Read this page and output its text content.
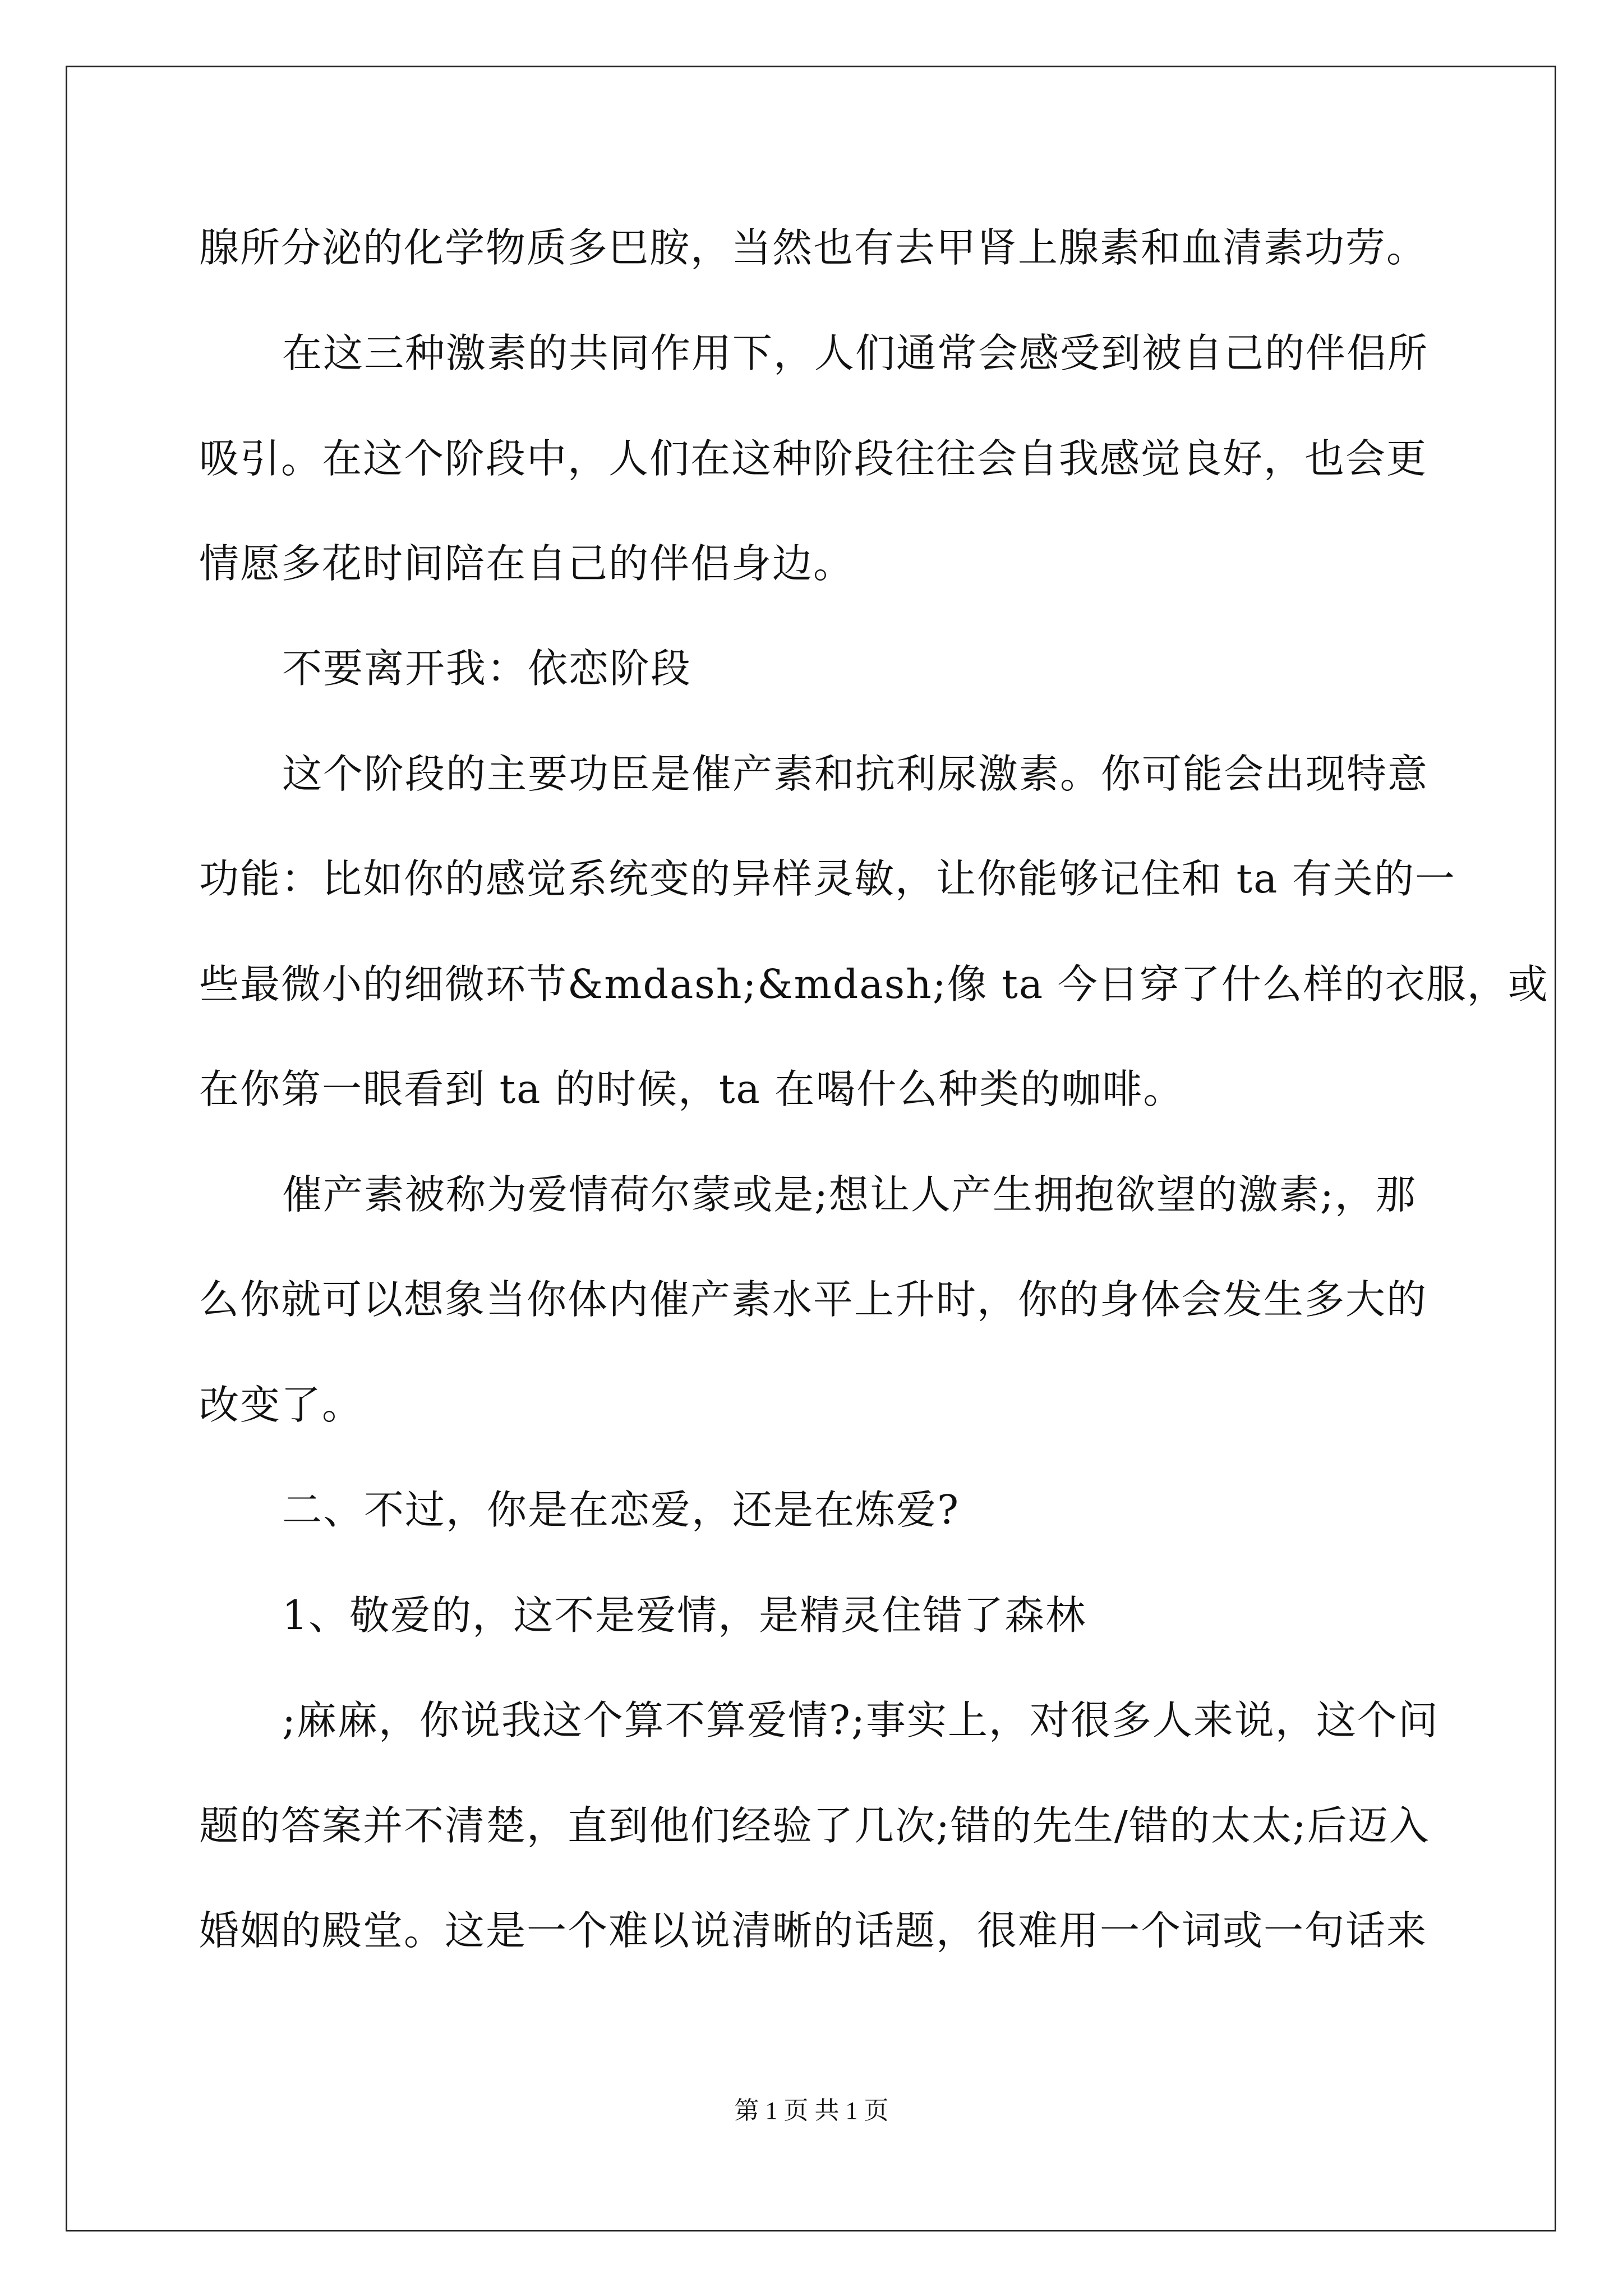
腺所分泌的化学物质多巴胺，当然也有去甲肾上腺素和血清素功劳。

在这三种激素的共同作用下，人们通常会感受到被自己的伴侣所

吸引。在这个阶段中，人们在这种阶段往往会自我感觉良好，也会更

情愿多花时间陪在自己的伴侣身边。

不要离开我：依恋阶段

这个阶段的主要功臣是催产素和抗利尿激素。你可能会出现特意

功能：比如你的感觉系统变的异样灵敏，让你能够记住和 ta 有关的一

些最微小的细微环节&mdash;&mdash;像 ta 今日穿了什么样的衣服，或

在你第一眼看到 ta 的时候，ta 在喝什么种类的咖啡。

催产素被称为爱情荷尔蒙或是;想让人产生拥抱欲望的激素;，那

么你就可以想象当你体内催产素水平上升时，你的身体会发生多大的

改变了。

二、不过，你是在恋爱，还是在炼爱?

1、敬爱的，这不是爱情，是精灵住错了森林

;麻麻，你说我这个算不算爱情?;事实上，对很多人来说，这个问

题的答案并不清楚，直到他们经验了几次;错的先生/错的太太;后迈入

婚姻的殿堂。这是一个难以说清晰的话题，很难用一个词或一句话来

第 1 页 共 1 页
